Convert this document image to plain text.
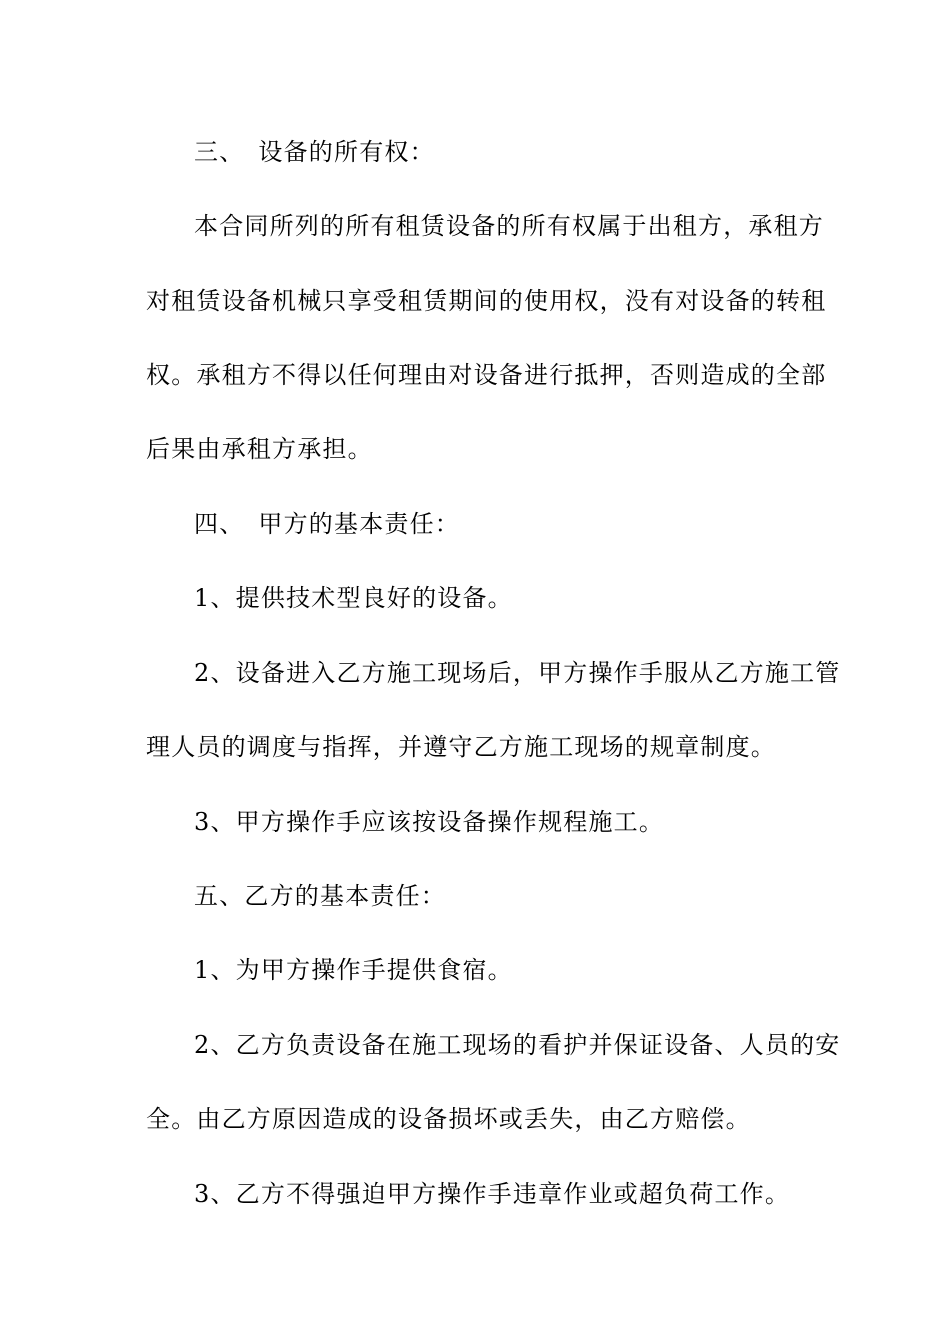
三、 设备的所有权：
本合同所列的所有租赁设备的所有权属于出租方，承租方
对租赁设备机械只享受租赁期间的使用权，没有对设备的转租
权。承租方不得以任何理由对设备进行抵押，否则造成的全部
后果由承租方承担。
四、 甲方的基本责任：
1、提供技术型良好的设备。
2、设备进入乙方施工现场后，甲方操作手服从乙方施工管
理人员的调度与指挥，并遵守乙方施工现场的规章制度。
3、甲方操作手应该按设备操作规程施工。
五、乙方的基本责任：
1、为甲方操作手提供食宿。
2、乙方负责设备在施工现场的看护并保证设备、人员的安
全。由乙方原因造成的设备损坏或丢失，由乙方赔偿。
3、乙方不得强迫甲方操作手违章作业或超负荷工作。
